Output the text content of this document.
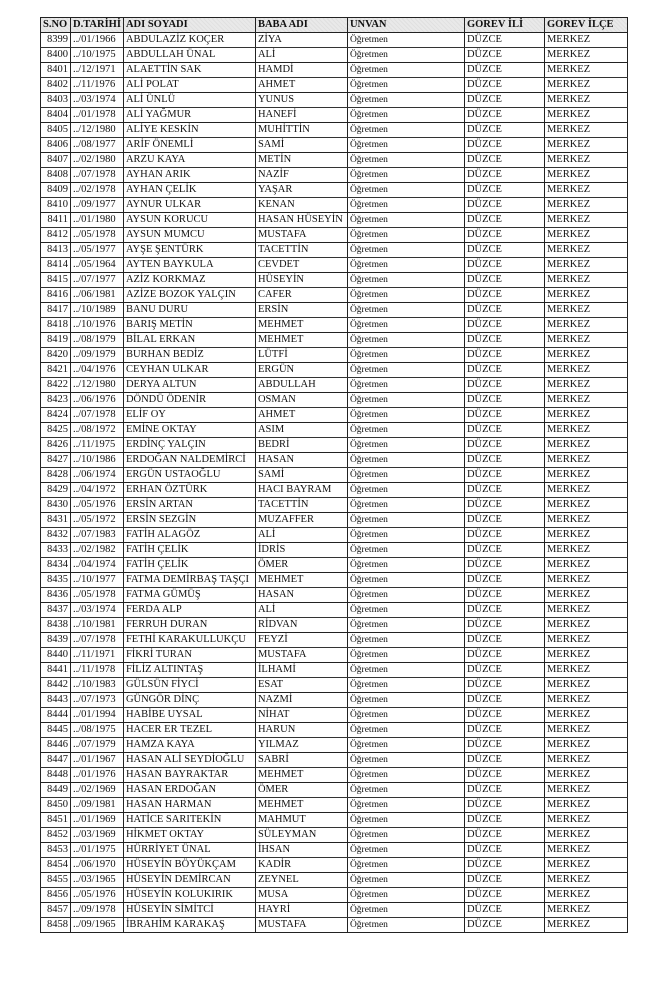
S.NO	D.TARİHİ	ADI SOYADI	BABA ADI	UNVAN	GOREV İLİ	GOREV İLÇE
8399	../01/1966	ABDULAZİZ KOÇER	ZİYA	Öğretmen	DÜZCE	MERKEZ
8400	../10/1975	ABDULLAH ÜNAL	ALİ	Öğretmen	DÜZCE	MERKEZ
8401	../12/1971	ALAETTİN SAK	HAMDİ	Öğretmen	DÜZCE	MERKEZ
8402	../11/1976	ALİ POLAT	AHMET	Öğretmen	DÜZCE	MERKEZ
8403	../03/1974	ALİ ÜNLÜ	YUNUS	Öğretmen	DÜZCE	MERKEZ
8404	../01/1978	ALİ YAĞMUR	HANEFİ	Öğretmen	DÜZCE	MERKEZ
8405	../12/1980	ALİYE KESKİN	MUHİTTİN	Öğretmen	DÜZCE	MERKEZ
8406	../08/1977	ARİF ÖNEMLİ	SAMİ	Öğretmen	DÜZCE	MERKEZ
8407	../02/1980	ARZU KAYA	METİN	Öğretmen	DÜZCE	MERKEZ
8408	../07/1978	AYHAN ARIK	NAZİF	Öğretmen	DÜZCE	MERKEZ
8409	../02/1978	AYHAN ÇELİK	YAŞAR	Öğretmen	DÜZCE	MERKEZ
8410	../09/1977	AYNUR ULKAR	KENAN	Öğretmen	DÜZCE	MERKEZ
8411	../01/1980	AYSUN KORUCU	HASAN HÜSEYİN	Öğretmen	DÜZCE	MERKEZ
8412	../05/1978	AYSUN MUMCU	MUSTAFA	Öğretmen	DÜZCE	MERKEZ
8413	../05/1977	AYŞE ŞENTÜRK	TACETTİN	Öğretmen	DÜZCE	MERKEZ
8414	../05/1964	AYTEN BAYKULA	CEVDET	Öğretmen	DÜZCE	MERKEZ
8415	../07/1977	AZİZ KORKMAZ	HÜSEYİN	Öğretmen	DÜZCE	MERKEZ
8416	../06/1981	AZİZE BOZOK YALÇIN	CAFER	Öğretmen	DÜZCE	MERKEZ
8417	../10/1989	BANU DURU	ERSİN	Öğretmen	DÜZCE	MERKEZ
8418	../10/1976	BARIŞ METİN	MEHMET	Öğretmen	DÜZCE	MERKEZ
8419	../08/1979	BİLAL ERKAN	MEHMET	Öğretmen	DÜZCE	MERKEZ
8420	../09/1979	BURHAN BEDİZ	LÜTFİ	Öğretmen	DÜZCE	MERKEZ
8421	../04/1976	CEYHAN ULKAR	ERGÜN	Öğretmen	DÜZCE	MERKEZ
8422	../12/1980	DERYA ALTUN	ABDULLAH	Öğretmen	DÜZCE	MERKEZ
8423	../06/1976	DÖNDÜ ÖDENİR	OSMAN	Öğretmen	DÜZCE	MERKEZ
8424	../07/1978	ELİF OY	AHMET	Öğretmen	DÜZCE	MERKEZ
8425	../08/1972	EMİNE OKTAY	ASIM	Öğretmen	DÜZCE	MERKEZ
8426	../11/1975	ERDİNÇ YALÇIN	BEDRİ	Öğretmen	DÜZCE	MERKEZ
8427	../10/1986	ERDOĞAN NALDEMİRCİ	HASAN	Öğretmen	DÜZCE	MERKEZ
8428	../06/1974	ERGÜN USTAOĞLU	SAMİ	Öğretmen	DÜZCE	MERKEZ
8429	../04/1972	ERHAN ÖZTÜRK	HACI BAYRAM	Öğretmen	DÜZCE	MERKEZ
8430	../05/1976	ERSİN ARTAN	TACETTİN	Öğretmen	DÜZCE	MERKEZ
8431	../05/1972	ERSİN SEZGİN	MUZAFFER	Öğretmen	DÜZCE	MERKEZ
8432	../07/1983	FATİH ALAGÖZ	ALİ	Öğretmen	DÜZCE	MERKEZ
8433	../02/1982	FATİH ÇELİK	İDRİS	Öğretmen	DÜZCE	MERKEZ
8434	../04/1974	FATİH ÇELİK	ÖMER	Öğretmen	DÜZCE	MERKEZ
8435	../10/1977	FATMA DEMİRBAŞ TAŞÇI	MEHMET	Öğretmen	DÜZCE	MERKEZ
8436	../05/1978	FATMA GÜMÜŞ	HASAN	Öğretmen	DÜZCE	MERKEZ
8437	../03/1974	FERDA ALP	ALİ	Öğretmen	DÜZCE	MERKEZ
8438	../10/1981	FERRUH DURAN	RİDVAN	Öğretmen	DÜZCE	MERKEZ
8439	../07/1978	FETHİ KARAKULLUKÇU	FEYZİ	Öğretmen	DÜZCE	MERKEZ
8440	../11/1971	FİKRİ TURAN	MUSTAFA	Öğretmen	DÜZCE	MERKEZ
8441	../11/1978	FİLİZ ALTINTAŞ	İLHAMİ	Öğretmen	DÜZCE	MERKEZ
8442	../10/1983	GÜLSÜN FİYCİ	ESAT	Öğretmen	DÜZCE	MERKEZ
8443	../07/1973	GÜNGÖR DİNÇ	NAZMİ	Öğretmen	DÜZCE	MERKEZ
8444	../01/1994	HABİBE UYSAL	NİHAT	Öğretmen	DÜZCE	MERKEZ
8445	../08/1975	HACER ER TEZEL	HARUN	Öğretmen	DÜZCE	MERKEZ
8446	../07/1979	HAMZA KAYA	YILMAZ	Öğretmen	DÜZCE	MERKEZ
8447	../01/1967	HASAN ALİ SEYDİOĞLU	SABRİ	Öğretmen	DÜZCE	MERKEZ
8448	../01/1976	HASAN BAYRAKTAR	MEHMET	Öğretmen	DÜZCE	MERKEZ
8449	../02/1969	HASAN ERDOĞAN	ÖMER	Öğretmen	DÜZCE	MERKEZ
8450	../09/1981	HASAN HARMAN	MEHMET	Öğretmen	DÜZCE	MERKEZ
8451	../01/1969	HATİCE SARITEKİN	MAHMUT	Öğretmen	DÜZCE	MERKEZ
8452	../03/1969	HİKMET OKTAY	SÜLEYMAN	Öğretmen	DÜZCE	MERKEZ
8453	../01/1975	HÜRRİYET ÜNAL	İHSAN	Öğretmen	DÜZCE	MERKEZ
8454	../06/1970	HÜSEYİN BÖYÜKÇAM	KADİR	Öğretmen	DÜZCE	MERKEZ
8455	../03/1965	HÜSEYİN DEMİRCAN	ZEYNEL	Öğretmen	DÜZCE	MERKEZ
8456	../05/1976	HÜSEYİN KOLUKIRIK	MUSA	Öğretmen	DÜZCE	MERKEZ
8457	../09/1978	HÜSEYİN SİMİTCİ	HAYRİ	Öğretmen	DÜZCE	MERKEZ
8458	../09/1965	İBRAHİM KARAKAŞ	MUSTAFA	Öğretmen	DÜZCE	MERKEZ
